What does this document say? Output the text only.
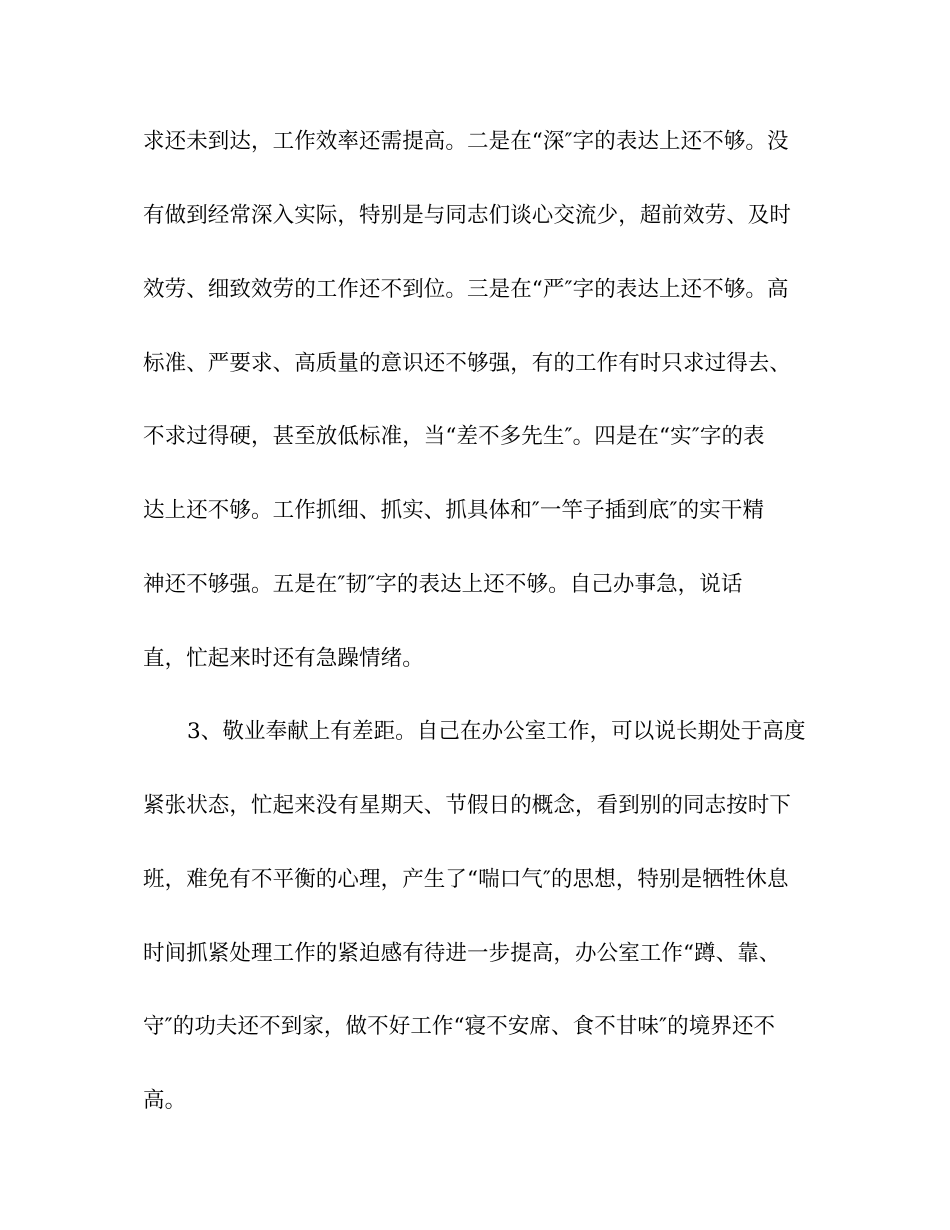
求还未到达，工作效率还需提高。二是在“深″字的表达上还不够。没

有做到经常深入实际，特别是与同志们谈心交流少，超前效劳、及时

效劳、细致效劳的工作还不到位。三是在“严″字的表达上还不够。高

标准、严要求、高质量的意识还不够强，有的工作有时只求过得去、

不求过得硬，甚至放低标准，当“差不多先生″。四是在“实″字的表

达上还不够。工作抓细、抓实、抓具体和″一竿子插到底″的实干精

神还不够强。五是在″韧″字的表达上还不够。自己办事急，说话

直，忙起来时还有急躁情绪。

3、敬业奉献上有差距。自己在办公室工作，可以说长期处于高度

紧张状态，忙起来没有星期天、节假日的概念，看到别的同志按时下

班，难免有不平衡的心理，产生了“喘口气″的思想，特别是牺牲休息

时间抓紧处理工作的紧迫感有待进一步提高，办公室工作“蹲、靠、

守″的功夫还不到家，做不好工作“寝不安席、食不甘味″的境界还不

高。
